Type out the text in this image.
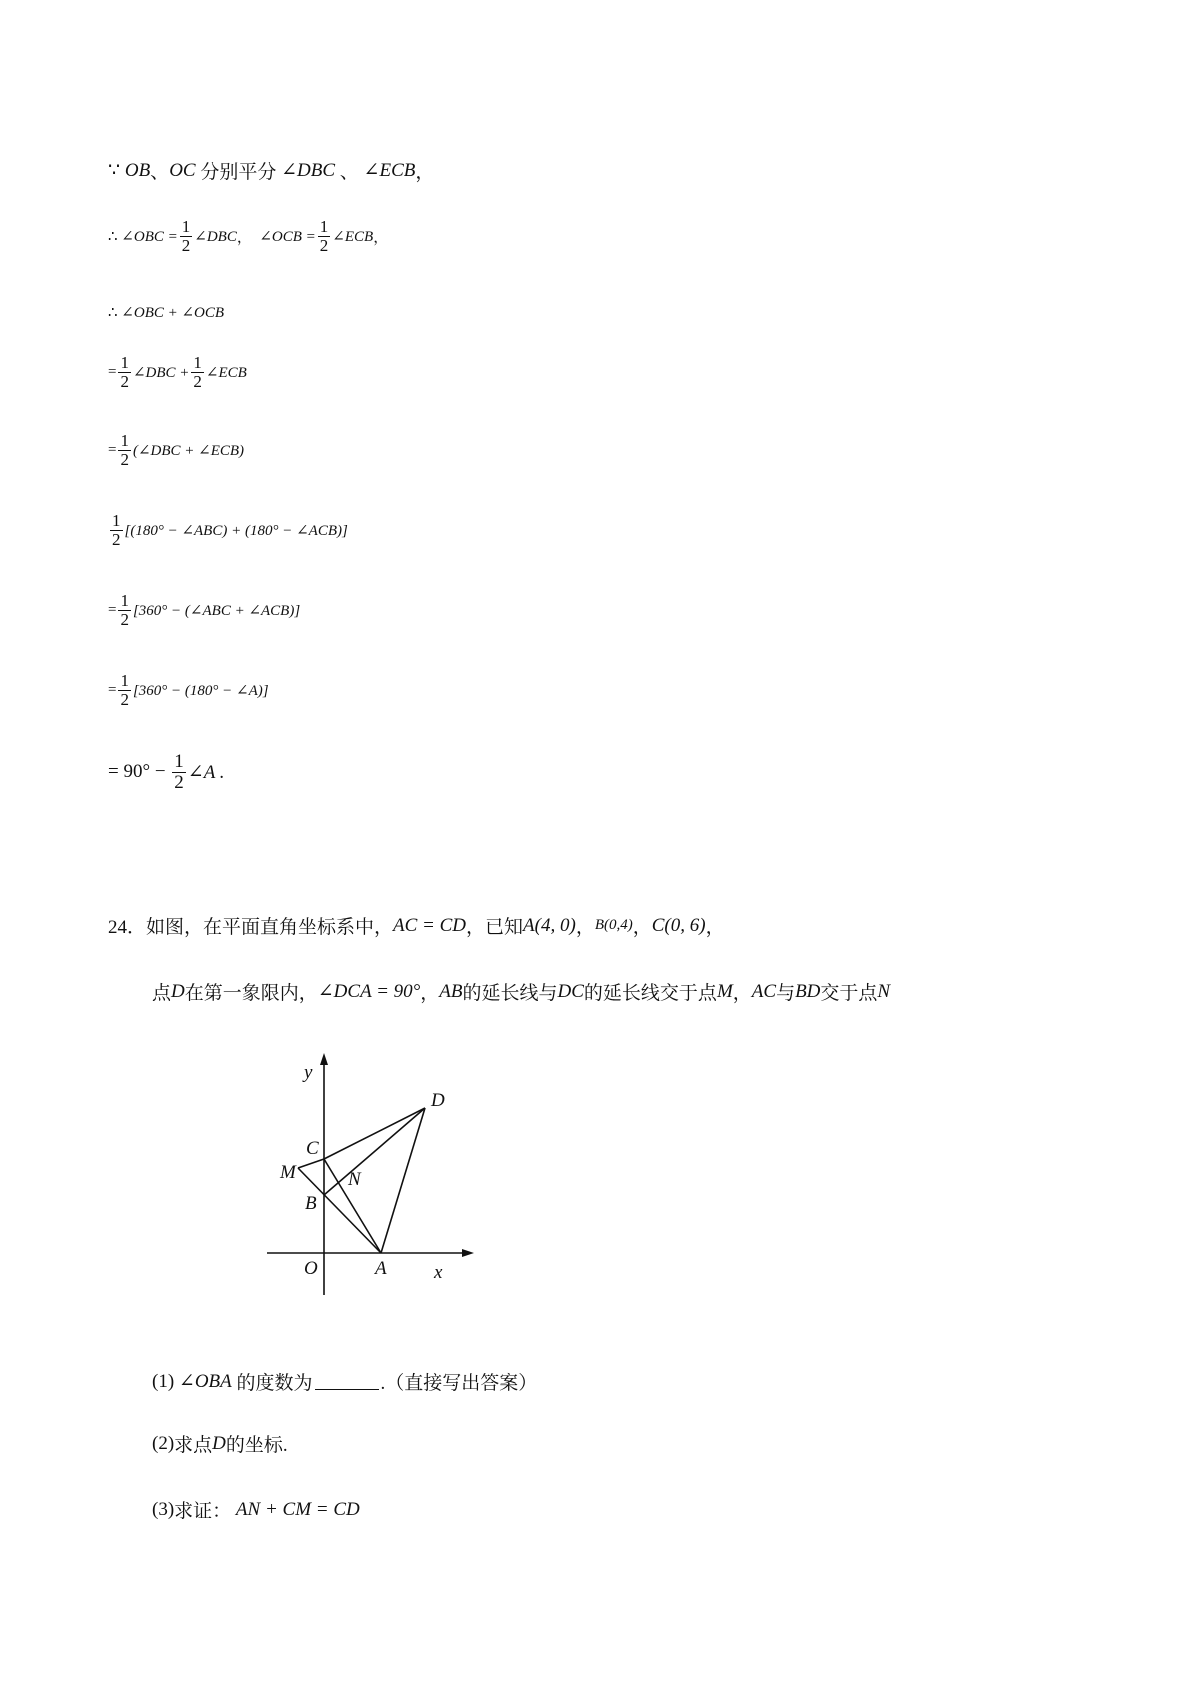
∵
OB 、 OC
分别平分
∠DBC
、
∠ECB ，
∴
∠OBC = $\frac{1}{2}$ ∠DBC ，
∠OCB = $\frac{1}{2}$ ∠ECB ，
∴
∠OBC + ∠OCB
= $\frac{1}{2}$ ∠DBC + $\frac{1}{2}$ ∠ECB
= $\frac{1}{2}$ (∠DBC + ∠ECB)
$\frac{1}{2} [(180^\circ$ − ∠ABC) + (180° − ∠ACB)]
= $\frac{1}{2} [360^\circ$ − (∠ABC + ∠ACB)]
= $\frac{1}{2} [360^\circ - (180^\circ$ − ∠A)]
= 90° −
$\frac{1}{2}$ ∠A .
24． 如图，在平面直角坐标系中， AC = CD ，已知 A(4, 0) ， B(0,4) ， C(0, 6) ，
点 D 在第一象限内， ∠DCA = 90° ， AB 的延长线与 DC 的延长线交于点 M ， AC 与 BD 交于点 N
y
x
O	A
B
C
D
M	N
(1)
∠OBA
的度数为	.（直接写出答案）
(2) 求点 D 的坐标.
(3) 求证：
AN + CM = CD
